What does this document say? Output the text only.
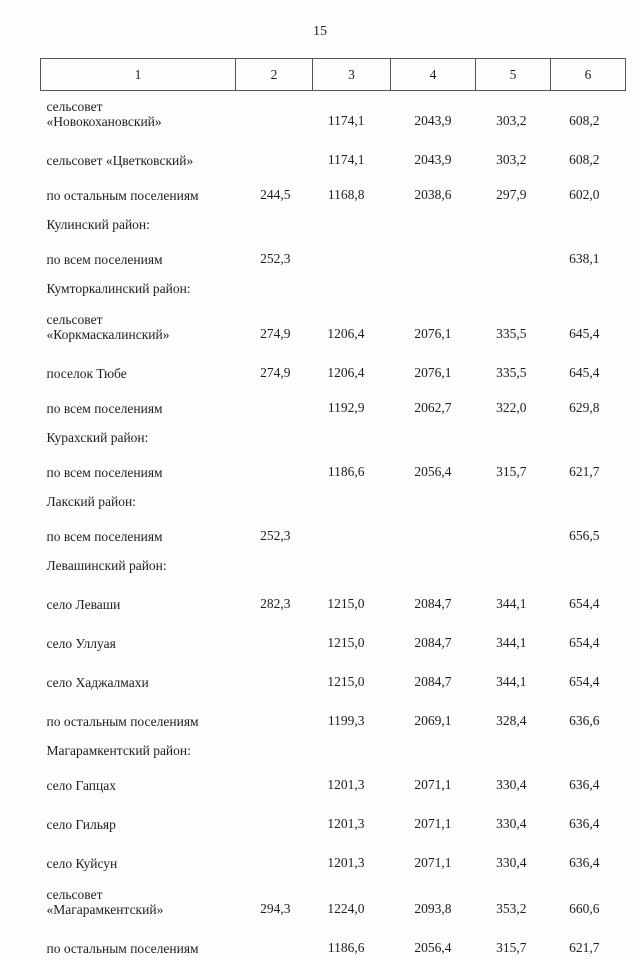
15
1	2	3	4	5	6

сельсовет
«Новокохановский»		1174,1	2043,9	303,2	608,2

сельсовет «Цветковский»		1174,1	2043,9	303,2	608,2

по остальным поселениям	244,5	1168,8	2038,6	297,9	602,0

Кулинский район:					

по всем поселениям	252,3				638,1

Кумторкалинский район:					

сельсовет
«Коркмаскалинский»	274,9	1206,4	2076,1	335,5	645,4

поселок Тюбе	274,9	1206,4	2076,1	335,5	645,4

по всем поселениям		1192,9	2062,7	322,0	629,8

Курахский район:					

по всем поселениям		1186,6	2056,4	315,7	621,7

Лакский район:					

по всем поселениям	252,3				656,5

Левашинский район:					

село Леваши	282,3	1215,0	2084,7	344,1	654,4

село Уллуая		1215,0	2084,7	344,1	654,4

село Хаджалмахи		1215,0	2084,7	344,1	654,4

по остальным поселениям		1199,3	2069,1	328,4	636,6

Магарамкентский район:					

село Гапцах		1201,3	2071,1	330,4	636,4

село Гильяр		1201,3	2071,1	330,4	636,4

село Куйсун		1201,3	2071,1	330,4	636,4

сельсовет
«Магарамкентский»	294,3	1224,0	2093,8	353,2	660,6

по остальным поселениям		1186,6	2056,4	315,7	621,7
